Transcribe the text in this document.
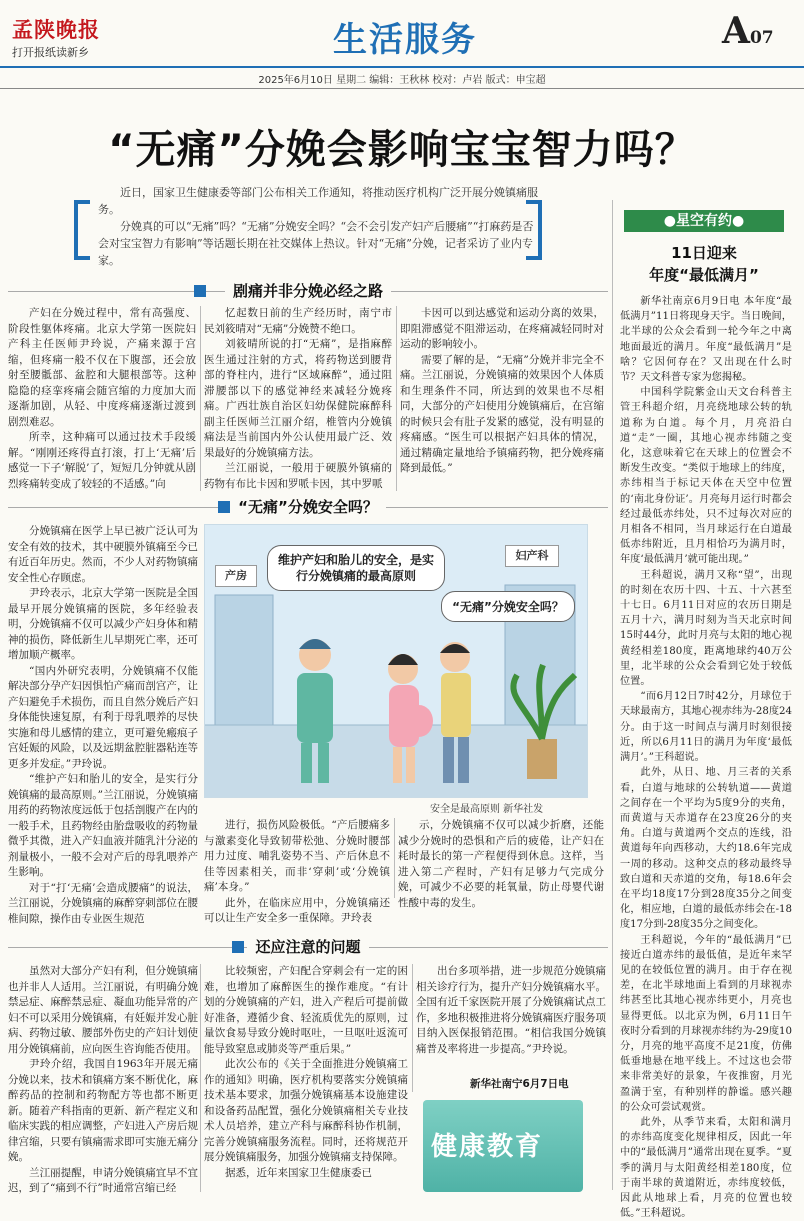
孟陕晚报
打开报纸读新乡	生活服务	A07
2025年6月10日 星期二 编辑：王秋林 校对：卢岩 版式：申宝超
“无痛”分娩会影响宝宝智力吗？

近日，国家卫生健康委等部门公布相关工作通知，将推动医疗机构广泛开展分娩镇痛服务。

分娩真的可以“无痛”吗？“无痛”分娩安全吗？“会不会引发产妇产后腰痛”“打麻药是否会对宝宝智力有影响”等话题长期在社交媒体上热议。针对“无痛”分娩，记者采访了业内专家。

剧痛并非分娩必经之路

产妇在分娩过程中，常有高强度、阶段性躯体疼痛。北京大学第一医院妇产科主任医师尹玲说，产痛来源于宫缩，但疼痛一般不仅在下腹部，还会放射至腰骶部、盆腔和大腿根部等。这种隐隐的痉挛疼痛会随宫缩的力度加大而逐渐加剧，从轻、中度疼痛逐渐过渡到剧烈难忍。

所幸，这种痛可以通过技术手段缓解。“刚刚还疼得直打滚，打上‘无痛’后感觉一下子‘解脱’了，短短几分钟就从剧烈疼痛转变成了较轻的不适感。”向

忆起数日前的生产经历时，南宁市民刘筱晴对“无痛”分娩赞不绝口。

刘筱晴所说的打“无痛”，是指麻醉医生通过注射的方式，将药物送到腰背部的脊柱内，进行“区域麻醉”，通过阻滞腰部以下的感觉神经来减轻分娩疼痛。广西壮族自治区妇幼保健院麻醉科副主任医师兰江丽介绍，椎管内分娩镇痛法是当前国内外公认使用最广泛、效果最好的分娩镇痛方法。

兰江丽说，一般用于硬膜外镇痛的药物有布比卡因和罗哌卡因，其中罗哌

卡因可以到达感觉和运动分离的效果，即阻滞感觉不阻滞运动，在疼痛减轻同时对运动的影响较小。

需要了解的是，“无痛”分娩并非完全不痛。兰江丽说，分娩镇痛的效果因个人体质和生理条件不同，所达到的效果也不尽相同，大部分的产妇使用分娩镇痛后，在宫缩的时候只会有肚子发紧的感觉，没有明显的疼痛感。“医生可以根据产妇具体的情况，通过精确定量地给予镇痛药物，把分娩疼痛降到最低。”

“无痛”分娩安全吗？

分娩镇痛在医学上早已被广泛认可为安全有效的技术，其中硬膜外镇痛至今已有近百年历史。然而，不少人对药物镇痛安全性心存顾虑。

尹玲表示，北京大学第一医院是全国最早开展分娩镇痛的医院，多年经验表明，分娩镇痛不仅可以减少产妇身体和精神的损伤，降低新生儿早期死亡率，还可增加顺产概率。

“国内外研究表明，分娩镇痛不仅能解决部分孕产妇因惧怕产痛而剖宫产，让产妇避免手术损伤，而且自然分娩后产妇身体能快速复原，有利于母乳喂养的尽快实施和母儿感情的建立，更可避免瘢痕子宫妊娠的风险，以及远期盆腔脏器粘连等更多并发症。”尹玲说。

“维护产妇和胎儿的安全，是实行分娩镇痛的最高原则。”兰江丽说，分娩镇痛用药的药物浓度远低于包括剖腹产在内的一般手术，且药物经由胎盘吸收的药物量微乎其微，进入产妇血液并随乳汁分泌的剂量极小，一般不会对产后的母乳喂养产生影响。

对于“打‘无痛’会造成腰痛”的说法，兰江丽说，分娩镇痛的麻醉穿刺部位在腰椎间隙，操作由专业医生规范

产房
妇产科
维护产妇和胎儿的安全，是实行分娩镇痛的最高原则
“无痛”分娩安全吗？
安全是最高原则 新华社发

进行，损伤风险极低。“产后腰痛多与激素变化导致韧带松弛、分娩时腰部用力过度、哺乳姿势不当、产后休息不佳等因素相关，而非‘穿刺’或‘分娩镇痛’本身。”

此外，在临床应用中，分娩镇痛还可以让生产安全多一重保障。尹玲表

示，分娩镇痛不仅可以减少折磨，还能减少分娩时的恐惧和产后的疲倦，让产妇在耗时最长的第一产程便得到休息。这样，当进入第二产程时，产妇有足够力气完成分娩，可减少不必要的耗氧量，防止母婴代谢性酸中毒的发生。

还应注意的问题

虽然对大部分产妇有利，但分娩镇痛也并非人人适用。兰江丽说，有明确分娩禁忌症、麻醉禁忌症、凝血功能异常的产妇不可以采用分娩镇痛，有妊娠并发心脏病、药物过敏、腰部外伤史的产妇计划使用分娩镇痛前，应向医生咨询能否使用。

尹玲介绍，我国自1963年开展无痛分娩以来，技术和镇痛方案不断优化，麻醉药品的控制和药物配方等也都不断更新。随着产科指南的更新、新产程定义和临床实践的相应调整，产妇进入产房后规律宫缩，只要有镇痛需求即可实施无痛分娩。

兰江丽提醒，申请分娩镇痛宜早不宜迟，到了“痛到不行”时通常宫缩已经

比较频密，产妇配合穿刺会有一定的困难，也增加了麻醉医生的操作难度。“有计划的分娩镇痛的产妇，进入产程后可提前做好准备，遵循少食、轻流质优先的原则，过量饮食易导致分娩时呕吐，一旦呕吐返流可能导致窒息或肺炎等严重后果。”

此次公布的《关于全面推进分娩镇痛工作的通知》明确，医疗机构要落实分娩镇痛技术基本要求，加强分娩镇痛基本设施建设和设备药品配置，强化分娩镇痛相关专业技术人员培养，建立产科与麻醉科协作机制，完善分娩镇痛服务流程。同时，还将规范开展分娩镇痛服务，加强分娩镇痛支持保障。

据悉，近年来国家卫生健康委已

出台多项举措，进一步规范分娩镇痛相关诊疗行为，提升产妇分娩镇痛水平。全国有近千家医院开展了分娩镇痛试点工作，多地积极推进将分娩镇痛医疗服务项目纳入医保报销范围。“相信我国分娩镇痛普及率将进一步提高。”尹玲说。

新华社南宁6月7日电
健康教育
●星空有约●
11日迎来
年度“最低满月”

新华社南京6月9日电 本年度“最低满月”11日将现身天宇。当日晚间，北半球的公众会看到一轮今年之中离地面最近的满月。年度“最低满月”是啥？它因何存在？又出现在什么时节？天文科普专家为您揭秘。

中国科学院紫金山天文台科普主管王科超介绍，月亮绕地球公转的轨道称为白道。每个月，月亮沿白道“走”一圈，其地心视赤纬随之变化，这意味着它在天球上的位置会不断发生改变。“类似于地球上的纬度，赤纬相当于标记天体在天空中位置的‘南北身份证’。月亮每月运行时都会经过最低赤纬处，只不过每次对应的月相各不相同，当月球运行在白道最低赤纬附近，且月相恰巧为满月时，年度‘最低满月’就可能出现。”

王科超说，满月又称“望”，出现的时刻在农历十四、十五、十六甚至十七日。6月11日对应的农历日期是五月十六，满月时刻为当天北京时间15时44分，此时月亮与太阳的地心视黄经相差180度，距离地球约40万公里，北半球的公众会看到它处于较低位置。

“而6月12日7时42分，月球位于天球最南方，其地心视赤纬为-28度24分。由于这一时间点与满月时刻很接近，所以6月11日的满月为年度‘最低满月’。”王科超说。

此外，从日、地、月三者的关系看，白道与地球的公转轨道——黄道之间存在一个平均为5度9分的夹角，而黄道与天赤道存在23度26分的夹角。白道与黄道两个交点的连线，沿黄道每年向西移动，大约18.6年完成一周的移动。这种交点的移动最终导致白道和天赤道的交角，每18.6年会在平均18度17分到28度35分之间变化，相应地，白道的最低赤纬会在-18度17分到-28度35分之间变化。

王科超说，今年的“最低满月”已接近白道赤纬的最低值，是近年来罕见的在较低位置的满月。由于存在视差，在北半球地面上看到的月球视赤纬甚至比其地心视赤纬更小，月亮也显得更低。以北京为例，6月11日午夜时分看到的月球视赤纬约为-29度10分，月亮的地平高度不足21度，仿佛低垂地悬在地平线上。不过这也会带来非常美好的景象，午夜推窗，月光盈满于室，有种别样的静谧。感兴趣的公众可尝试观赏。

此外，从季节来看，太阳和满月的赤纬高度变化规律相反，因此一年中的“最低满月”通常出现在夏季。“夏季的满月与太阳黄经相差180度，位于南半球的黄道附近，赤纬度较低，因此从地球上看，月亮的位置也较低。”王科超说。
